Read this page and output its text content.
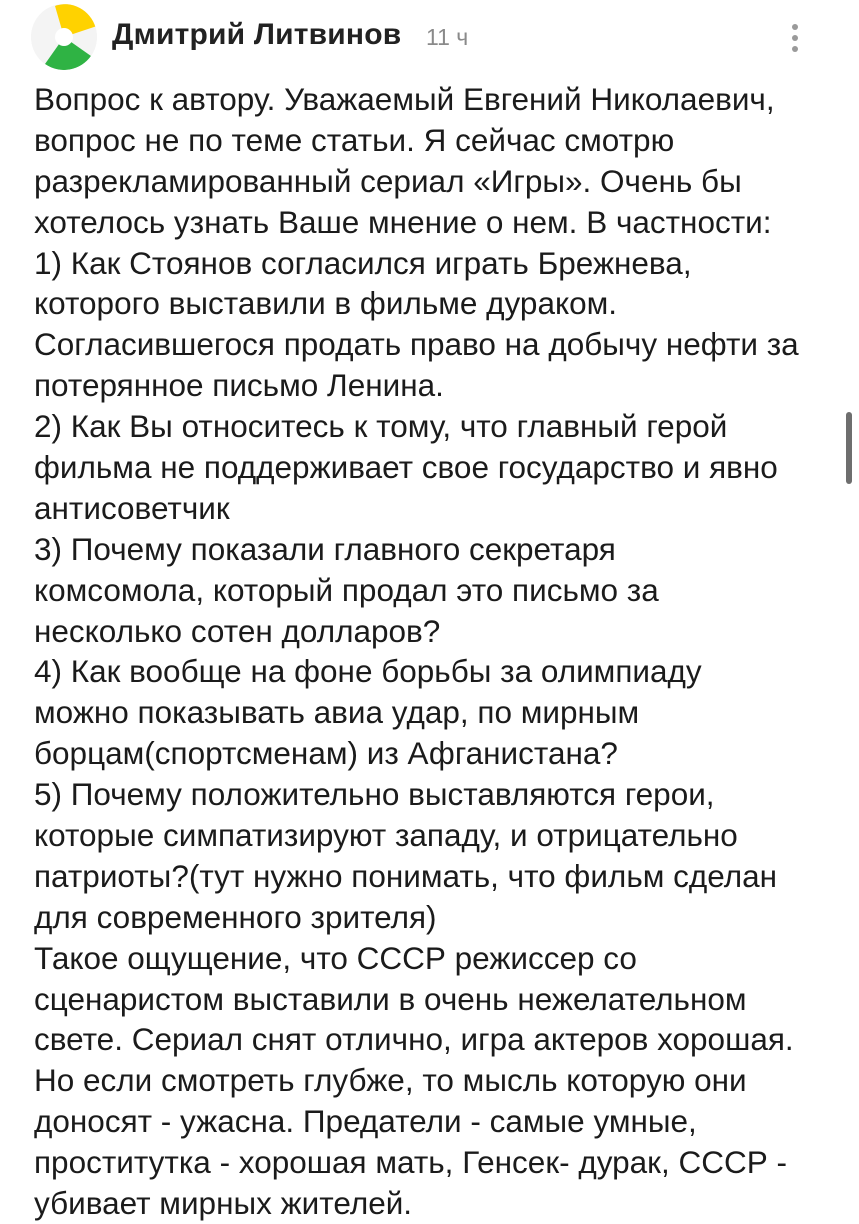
Дмитрий Литвинов 11 ч
Вопрос к автору. Уважаемый Евгений Николаевич,
вопрос не по теме статьи. Я сейчас смотрю
разрекламированный сериал «Игры». Очень бы
хотелось узнать Ваше мнение о нем. В частности:
1) Как Стоянов согласился играть Брежнева,
которого выставили в фильме дураком.
Согласившегося продать право на добычу нефти за
потерянное письмо Ленина.
2) Как Вы относитесь к тому, что главный герой
фильма не поддерживает свое государство и явно
антисоветчик
3) Почему показали главного секретаря
комсомола, который продал это письмо за
несколько сотен долларов?
4) Как вообще на фоне борьбы за олимпиаду
можно показывать авиа удар, по мирным
борцам(спортсменам) из Афганистана?
5) Почему положительно выставляются герои,
которые симпатизируют западу, и отрицательно
патриоты?(тут нужно понимать, что фильм сделан
для современного зрителя)
Такое ощущение, что СССР режиссер со
сценаристом выставили в очень нежелательном
свете. Сериал снят отлично, игра актеров хорошая.
Но если смотреть глубже, то мысль которую они
доносят - ужасна. Предатели - самые умные,
проститутка - хорошая мать, Генсек- дурак, СССР -
убивает мирных жителей.
